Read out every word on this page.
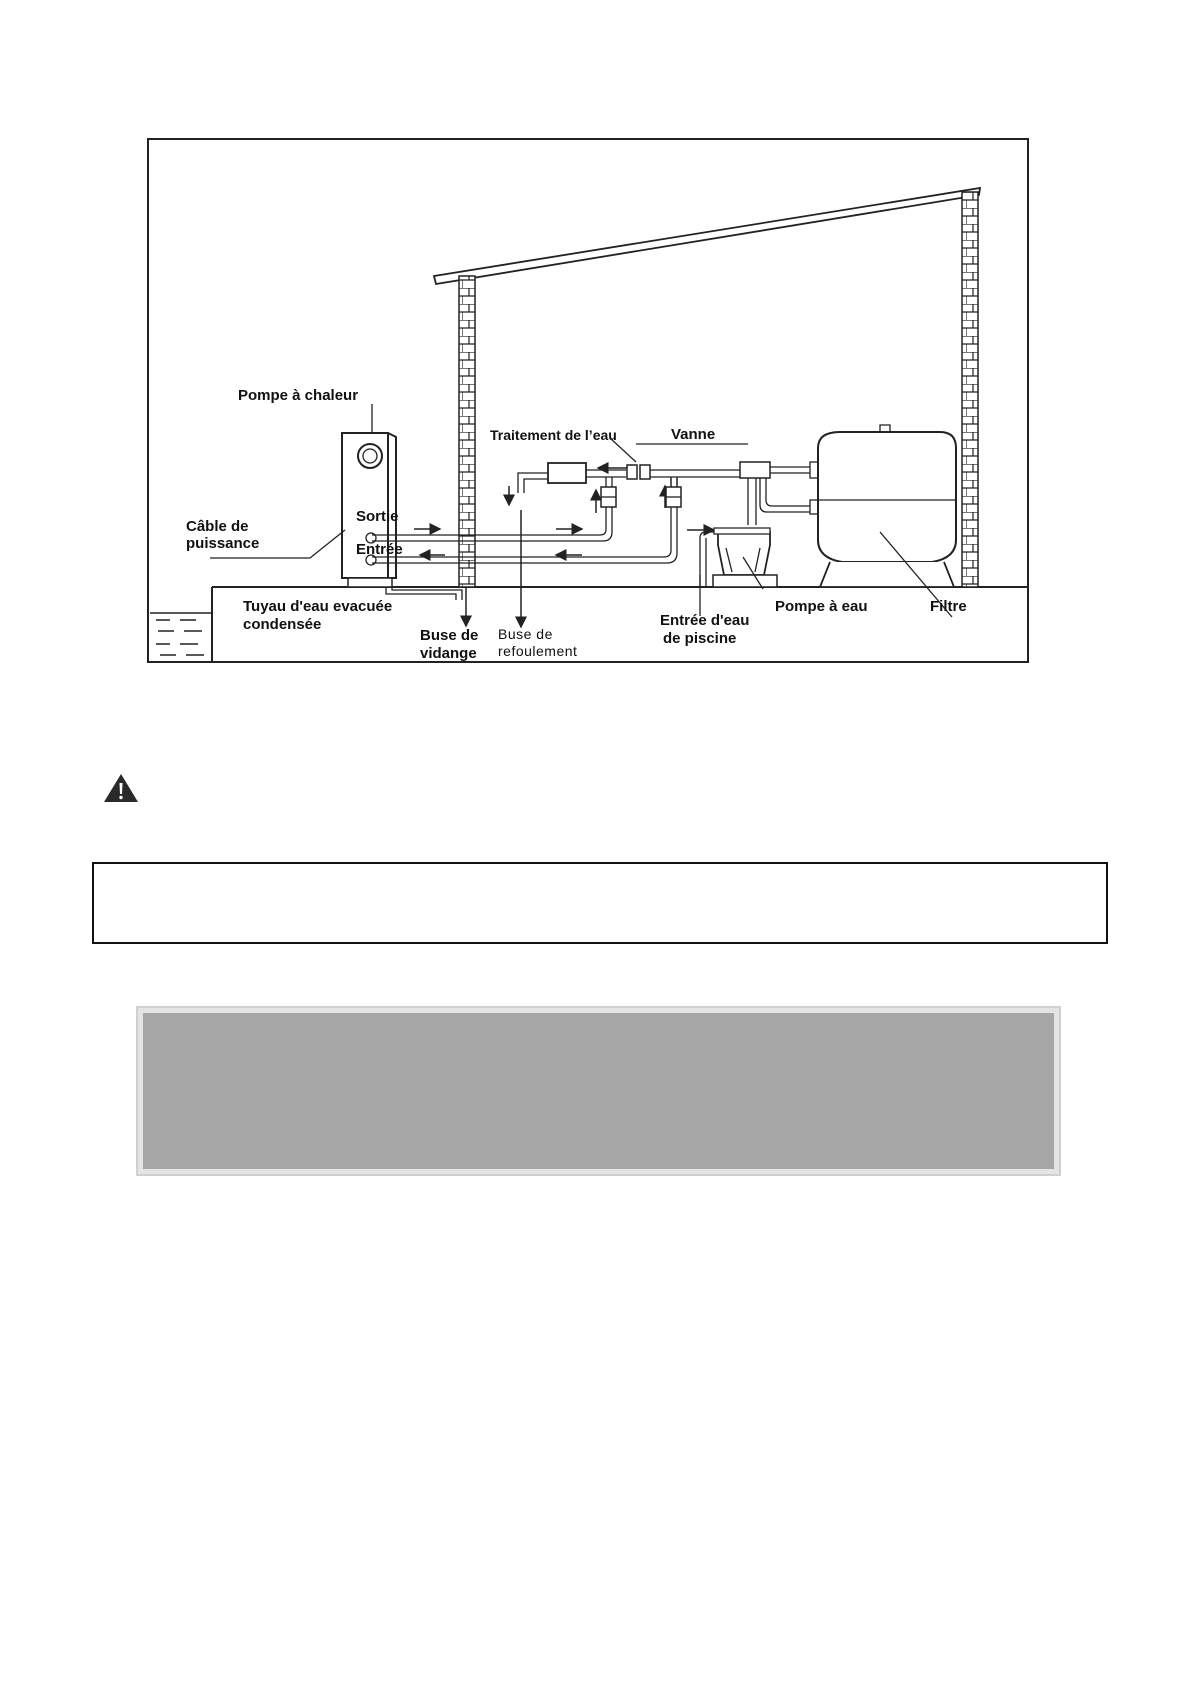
Pompe à chaleur
Traitement de l’eau	Vanne
Câble de
puissance
Sortie
Entrée
Tuyau d'eau evacuée
condensée
Buse de
vidange
Buse de
refoulement
Entrée d'eau
de piscine
Pompe à eau	Filtre
